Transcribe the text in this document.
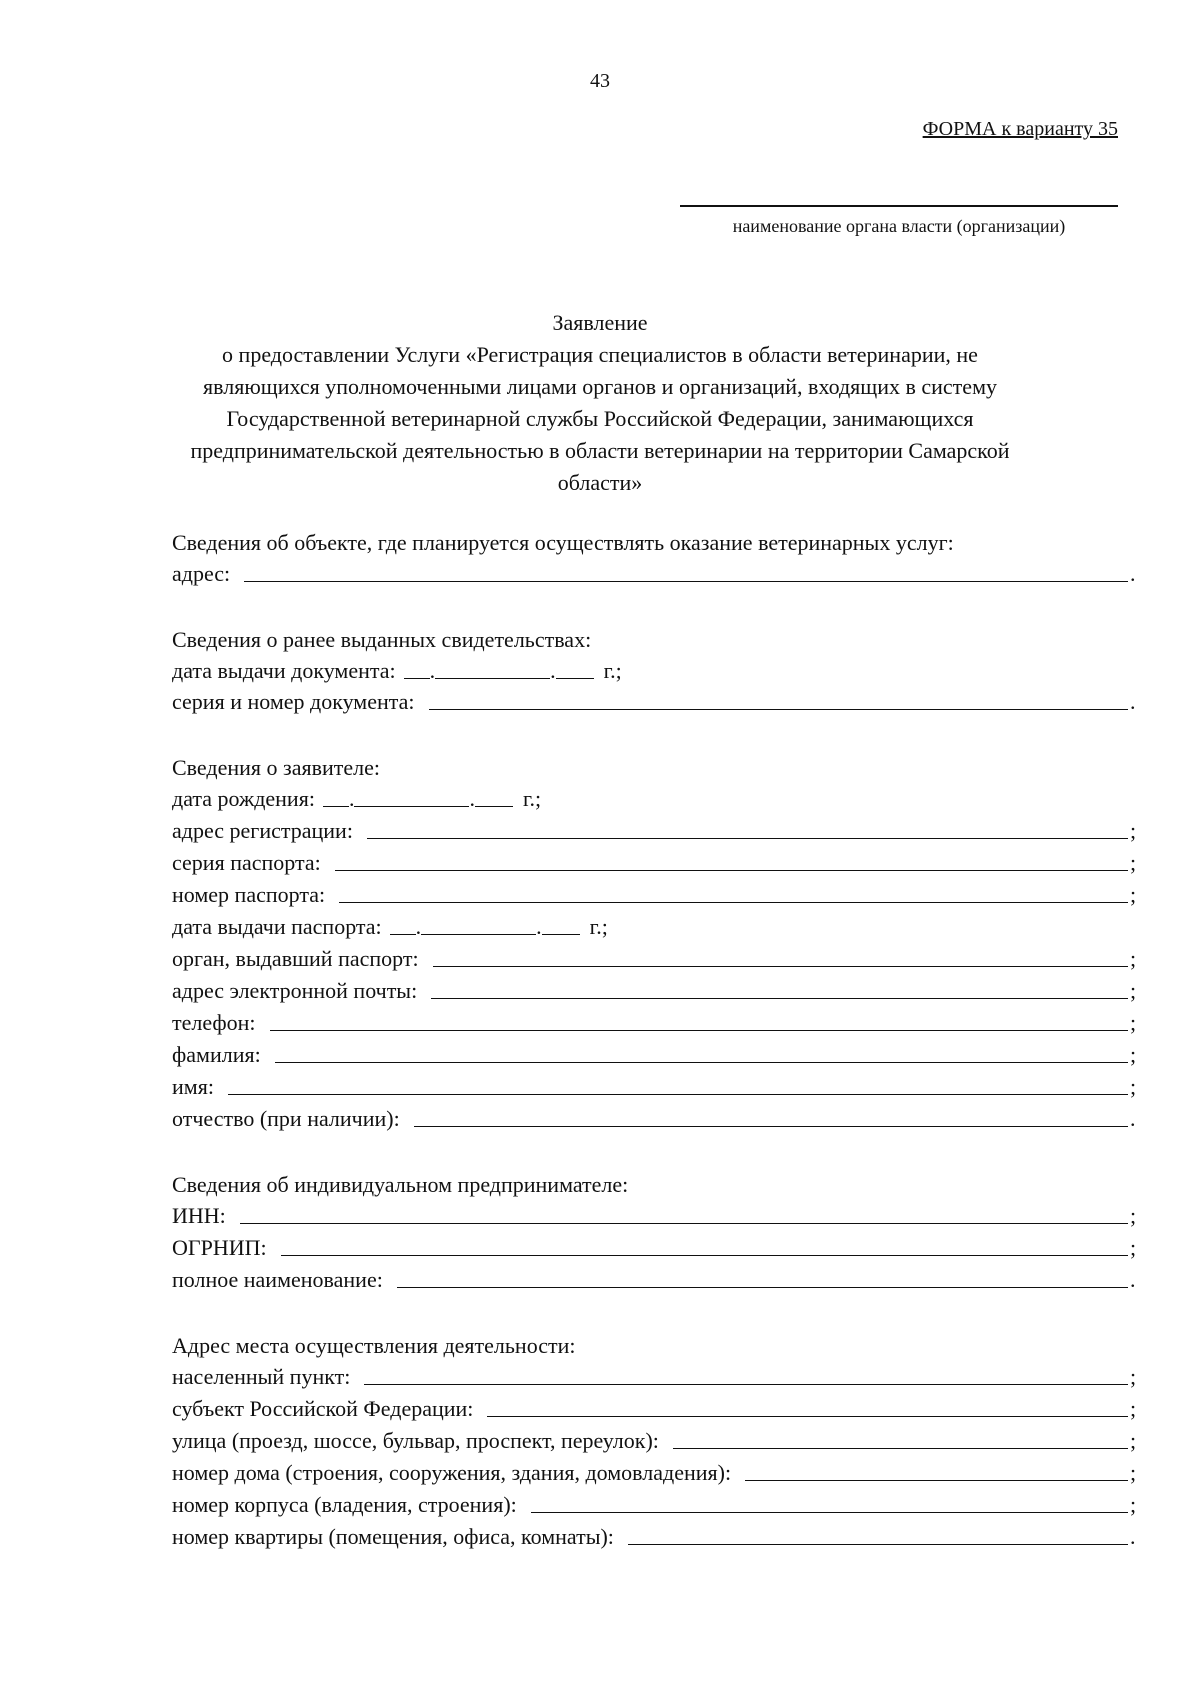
43
ФОРМА к варианту 35
наименование органа власти (организации)
Заявление
о предоставлении Услуги «Регистрация специалистов в области ветеринарии, не
являющихся уполномоченными лицами органов и организаций, входящих в систему
Государственной ветеринарной службы Российской Федерации, занимающихся
предпринимательской деятельностью в области ветеринарии на территории Самарской
области»
Сведения об объекте, где планируется осуществлять оказание ветеринарных услуг:
адрес:	.
Сведения о ранее выданных свидетельствах:
дата выдачи документа:	.	.	г.;
серия и номер документа:	.
Сведения о заявителе:
дата рождения:	.	.	г.;
адрес регистрации:	;
серия паспорта:	;
номер паспорта:	;
дата выдачи паспорта:	.	.	г.;
орган, выдавший паспорт:	;
адрес электронной почты:	;
телефон:	;
фамилия:	;
имя:	;
отчество (при наличии):	.
Сведения об индивидуальном предпринимателе:
ИНН:	;
ОГРНИП:	;
полное наименование:	.
Адрес места осуществления деятельности:
населенный пункт:	;
субъект Российской Федерации:	;
улица (проезд, шоссе, бульвар, проспект, переулок):	;
номер дома (строения, сооружения, здания, домовладения):	;
номер корпуса (владения, строения):	;
номер квартиры (помещения, офиса, комнаты):	.
